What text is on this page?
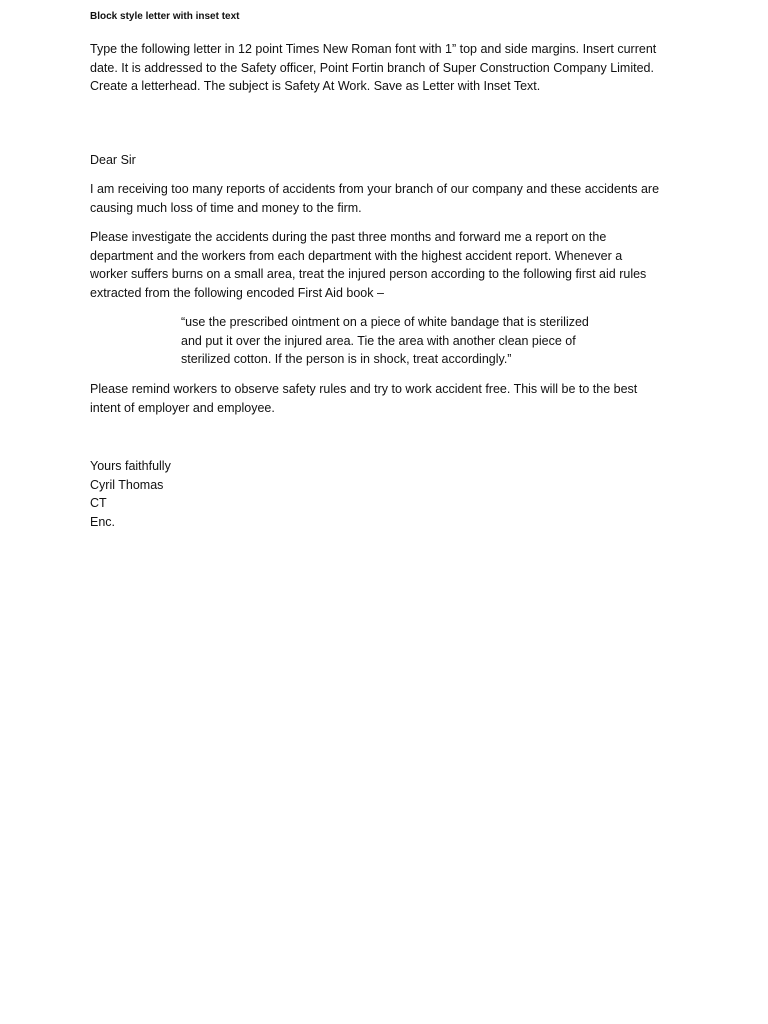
Block style letter with inset text
Type the following letter in 12 point Times New Roman font with 1” top and side margins. Insert current
date. It is addressed to the Safety officer, Point Fortin branch of Super Construction Company Limited.
Create a letterhead. The subject is Safety At Work. Save as Letter with Inset Text.
Dear Sir
I am receiving too many reports of accidents from your branch of our company and these accidents are
causing much loss of time and money to the firm.
Please investigate the accidents during the past three months and forward me a report on the
department and the workers from each department with the highest accident report. Whenever a
worker suffers burns on a small area, treat the injured person according to the following first aid rules
extracted from the following encoded First Aid book –
“use the prescribed ointment on a piece of white bandage that is sterilized
and put it over the injured area. Tie the area with another clean piece of
sterilized cotton. If the person is in shock, treat accordingly.”
Please remind workers to observe safety rules and try to work accident free. This will be to the best
intent of employer and employee.
Yours faithfully
Cyril Thomas
CT
Enc.
